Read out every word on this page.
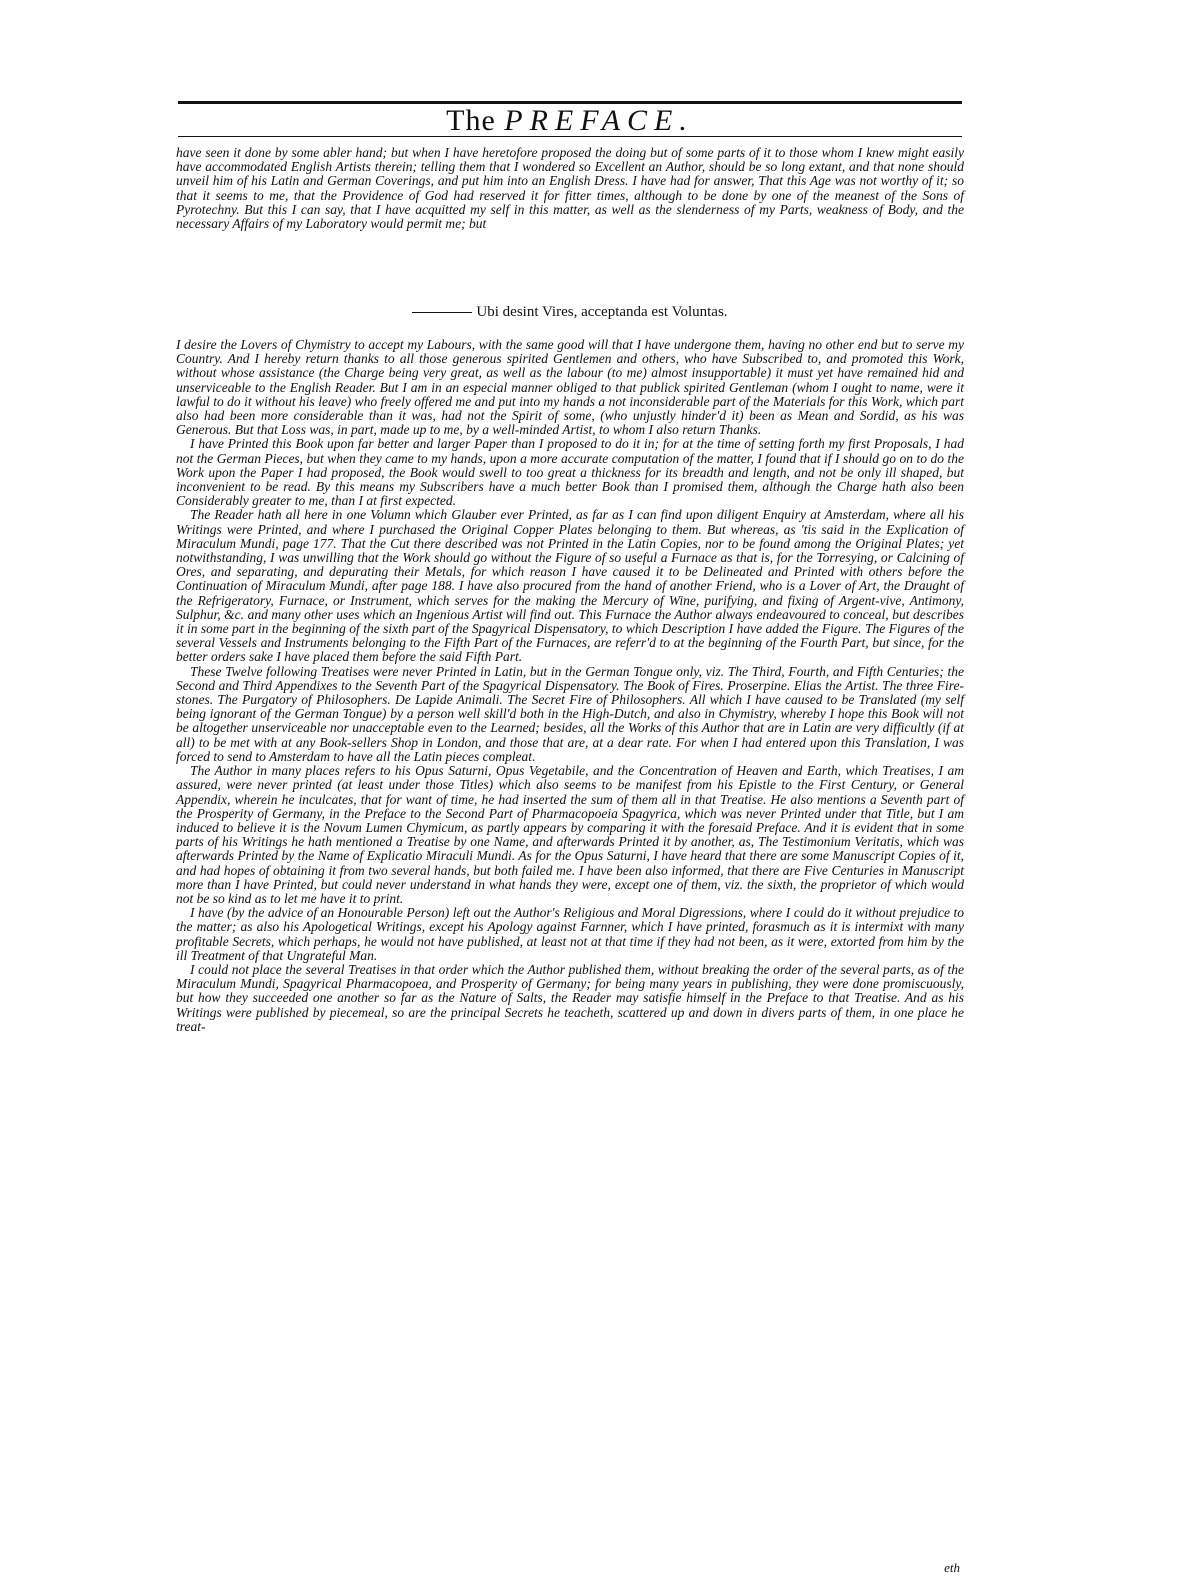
The PREFACE.

have seen it done by some abler hand; but when I have heretofore proposed the doing but of some parts of it to those whom I knew might easily have accommodated English Artists therein; telling them that I wondered so Excellent an Author, should be so long extant, and that none should unveil him of his Latin and German Coverings, and put him into an English Dress. I have had for answer, That this Age was not worthy of it; so that it seems to me, that the Providence of God had reserved it for fitter times, although to be done by one of the meanest of the Sons of Pyrotechny. But this I can say, that I have acquitted my self in this matter, as well as the slenderness of my Parts, weakness of Body, and the necessary Affairs of my Laboratory would permit me; but

Ubi desint Vires, acceptanda est Voluntas.

I desire the Lovers of Chymistry to accept my Labours, with the same good will that I have undergone them, having no other end but to serve my Country. And I hereby return thanks to all those generous spirited Gentlemen and others, who have Subscribed to, and promoted this Work, without whose assistance (the Charge being very great, as well as the labour (to me) almost insupportable) it must yet have remained hid and unserviceable to the English Reader. But I am in an especial manner obliged to that publick spirited Gentleman (whom I ought to name, were it lawful to do it without his leave) who freely offered me and put into my hands a not inconsiderable part of the Materials for this Work, which part also had been more considerable than it was, had not the Spirit of some, (who unjustly hinder'd it) been as Mean and Sordid, as his was Generous. But that Loss was, in part, made up to me, by a well-minded Artist, to whom I also return Thanks.

I have Printed this Book upon far better and larger Paper than I proposed to do it in; for at the time of setting forth my first Proposals, I had not the German Pieces, but when they came to my hands, upon a more accurate computation of the matter, I found that if I should go on to do the Work upon the Paper I had proposed, the Book would swell to too great a thickness for its breadth and length, and not be only ill shaped, but inconvenient to be read. By this means my Subscribers have a much better Book than I promised them, although the Charge hath also been Considerably greater to me, than I at first expected.

The Reader hath all here in one Volumn which Glauber ever Printed, as far as I can find upon diligent Enquiry at Amsterdam, where all his Writings were Printed, and where I purchased the Original Copper Plates belonging to them. But whereas, as 'tis said in the Explication of Miraculum Mundi, page 177. That the Cut there described was not Printed in the Latin Copies, nor to be found among the Original Plates; yet notwithstanding, I was unwilling that the Work should go without the Figure of so useful a Furnace as that is, for the Torresying, or Calcining of Ores, and separating, and depurating their Metals, for which reason I have caused it to be Delineated and Printed with others before the Continuation of Miraculum Mundi, after page 188. I have also procured from the hand of another Friend, who is a Lover of Art, the Draught of the Refrigeratory, Furnace, or Instrument, which serves for the making the Mercury of Wine, purifying, and fixing of Argent-vive, Antimony, Sulphur, &c. and many other uses which an Ingenious Artist will find out. This Furnace the Author always endeavoured to conceal, but describes it in some part in the beginning of the sixth part of the Spagyrical Dispensatory, to which Description I have added the Figure. The Figures of the several Vessels and Instruments belonging to the Fifth Part of the Furnaces, are referr'd to at the beginning of the Fourth Part, but since, for the better orders sake I have placed them before the said Fifth Part.

These Twelve following Treatises were never Printed in Latin, but in the German Tongue only, viz. The Third, Fourth, and Fifth Centuries; the Second and Third Appendixes to the Seventh Part of the Spagyrical Dispensatory. The Book of Fires. Proserpine. Elias the Artist. The three Fire-stones. The Purgatory of Philosophers. De Lapide Animali. The Secret Fire of Philosophers. All which I have caused to be Translated (my self being ignorant of the German Tongue) by a person well skill'd both in the High-Dutch, and also in Chymistry, whereby I hope this Book will not be altogether unserviceable nor unacceptable even to the Learned; besides, all the Works of this Author that are in Latin are very difficultly (if at all) to be met with at any Book-sellers Shop in London, and those that are, at a dear rate. For when I had entered upon this Translation, I was forced to send to Amsterdam to have all the Latin pieces compleat.

The Author in many places refers to his Opus Saturni, Opus Vegetabile, and the Concentration of Heaven and Earth, which Treatises, I am assured, were never printed (at least under those Titles) which also seems to be manifest from his Epistle to the First Century, or General Appendix, wherein he inculcates, that for want of time, he had inserted the sum of them all in that Treatise. He also mentions a Seventh part of the Prosperity of Germany, in the Preface to the Second Part of Pharmacopoeia Spagyrica, which was never Printed under that Title, but I am induced to believe it is the Novum Lumen Chymicum, as partly appears by comparing it with the foresaid Preface. And it is evident that in some parts of his Writings he hath mentioned a Treatise by one Name, and afterwards Printed it by another, as, The Testimonium Veritatis, which was afterwards Printed by the Name of Explicatio Miraculi Mundi. As for the Opus Saturni, I have heard that there are some Manuscript Copies of it, and had hopes of obtaining it from two several hands, but both failed me. I have been also informed, that there are Five Centuries in Manuscript more than I have Printed, but could never understand in what hands they were, except one of them, viz. the sixth, the proprietor of which would not be so kind as to let me have it to print.

I have (by the advice of an Honourable Person) left out the Author's Religious and Moral Digressions, where I could do it without prejudice to the matter; as also his Apologetical Writings, except his Apology against Farnner, which I have printed, forasmuch as it is intermixt with many profitable Secrets, which perhaps, he would not have published, at least not at that time if they had not been, as it were, extorted from him by the ill Treatment of that Ungrateful Man.

I could not place the several Treatises in that order which the Author published them, without breaking the order of the several parts, as of the Miraculum Mundi, Spagyrical Pharmacopoea, and Prosperity of Germany; for being many years in publishing, they were done promiscuously, but how they succeeded one another so far as the Nature of Salts, the Reader may satisfie himself in the Preface to that Treatise. And as his Writings were published by piecemeal, so are the principal Secrets he teacheth, scattered up and down in divers parts of them, in one place he treat-

eth
